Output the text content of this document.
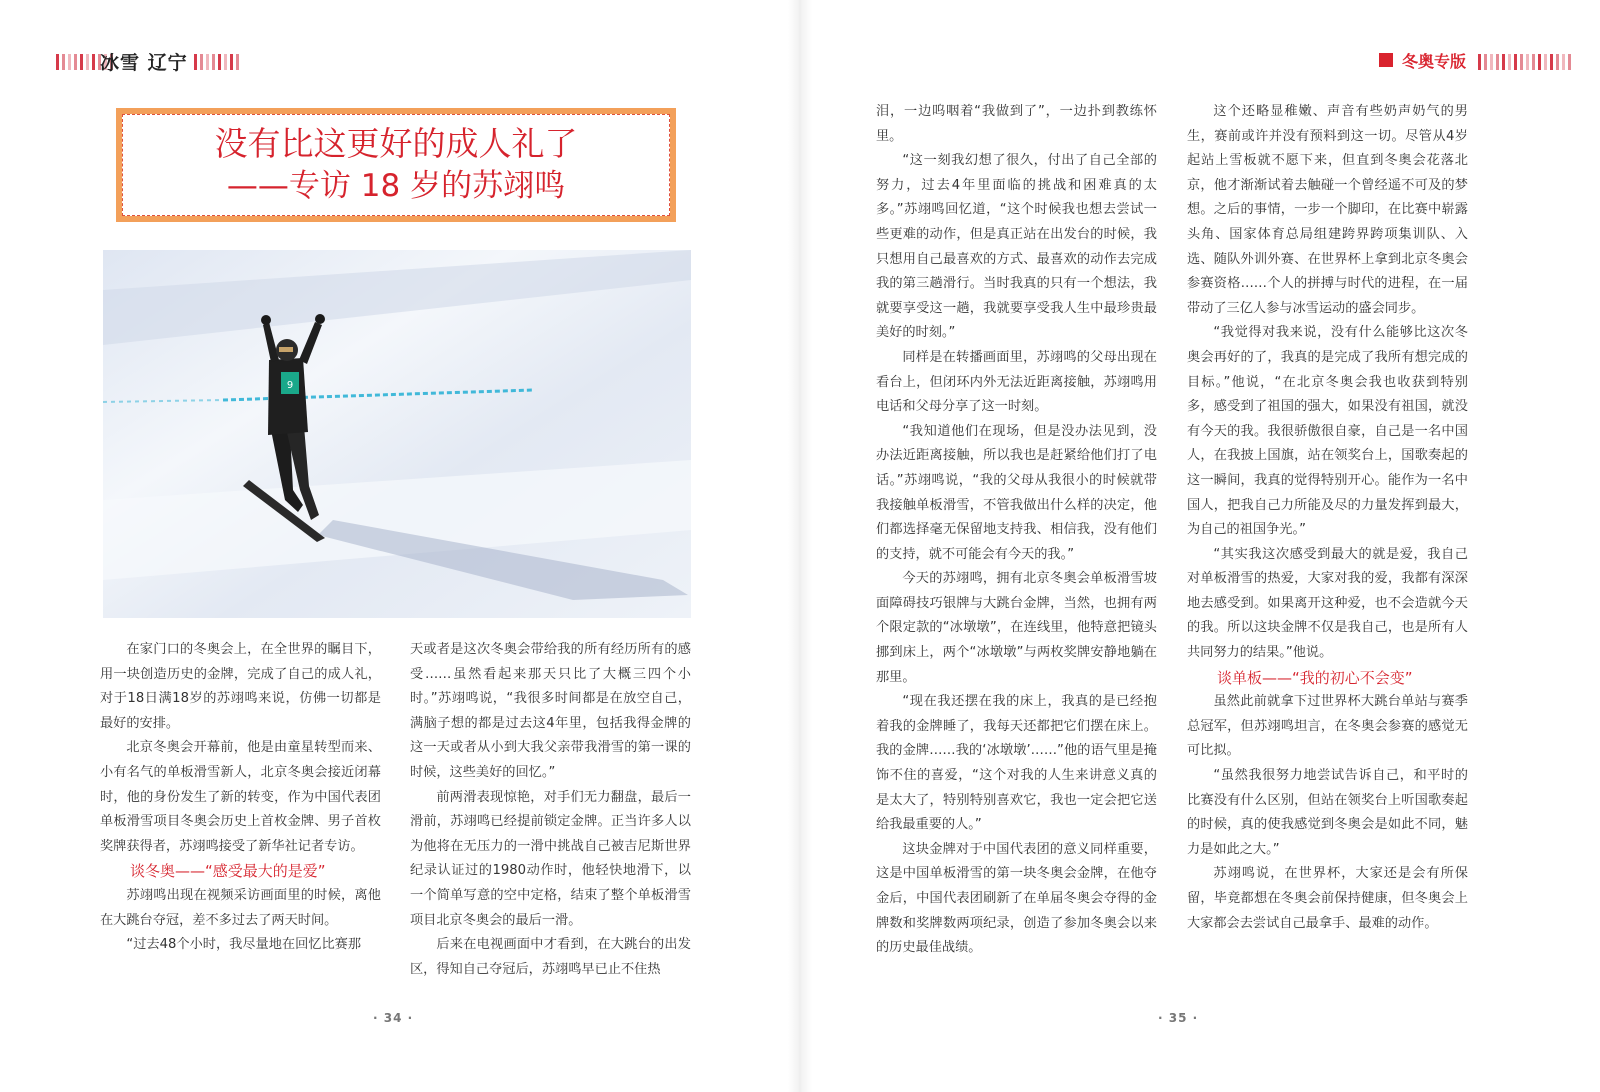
冰雪 辽宁
没有比这更好的成人礼了
——专访 18 岁的苏翊鸣
9

在家门口的冬奥会上，在全世界的瞩目下，用一块创造历史的金牌，完成了自己的成人礼，对于18日满18岁的苏翊鸣来说，仿佛一切都是最好的安排。

北京冬奥会开幕前，他是由童星转型而来、小有名气的单板滑雪新人，北京冬奥会接近闭幕时，他的身份发生了新的转变，作为中国代表团单板滑雪项目冬奥会历史上首枚金牌、男子首枚奖牌获得者，苏翊鸣接受了新华社记者专访。

谈冬奥——“感受最大的是爱”

苏翊鸣出现在视频采访画面里的时候，离他在大跳台夺冠，差不多过去了两天时间。

“过去48个小时，我尽量地在回忆比赛那

天或者是这次冬奥会带给我的所有经历所有的感受……虽然看起来那天只比了大概三四个小时。”苏翊鸣说，“我很多时间都是在放空自己，满脑子想的都是过去这4年里，包括我得金牌的这一天或者从小到大我父亲带我滑雪的第一课的时候，这些美好的回忆。”

前两滑表现惊艳，对手们无力翻盘，最后一滑前，苏翊鸣已经提前锁定金牌。正当许多人以为他将在无压力的一滑中挑战自己被吉尼斯世界纪录认证过的1980动作时，他轻快地滑下，以一个简单写意的空中定格，结束了整个单板滑雪项目北京冬奥会的最后一滑。

后来在电视画面中才看到，在大跳台的出发区，得知自己夺冠后，苏翊鸣早已止不住热

· 34 ·
冬奥专版

泪，一边呜咽着“我做到了”，一边扑到教练怀里。

“这一刻我幻想了很久，付出了自己全部的努力，过去4年里面临的挑战和困难真的太多。”苏翊鸣回忆道，“这个时候我也想去尝试一些更难的动作，但是真正站在出发台的时候，我只想用自己最喜欢的方式、最喜欢的动作去完成我的第三趟滑行。当时我真的只有一个想法，我就要享受这一趟，我就要享受我人生中最珍贵最美好的时刻。”

同样是在转播画面里，苏翊鸣的父母出现在看台上，但闭环内外无法近距离接触，苏翊鸣用电话和父母分享了这一时刻。

“我知道他们在现场，但是没办法见到，没办法近距离接触，所以我也是赶紧给他们打了电话。”苏翊鸣说，“我的父母从我很小的时候就带我接触单板滑雪，不管我做出什么样的决定，他们都选择毫无保留地支持我、相信我，没有他们的支持，就不可能会有今天的我。”

今天的苏翊鸣，拥有北京冬奥会单板滑雪坡面障碍技巧银牌与大跳台金牌，当然，也拥有两个限定款的“冰墩墩”，在连线里，他特意把镜头挪到床上，两个“冰墩墩”与两枚奖牌安静地躺在那里。

“现在我还摆在我的床上，我真的是已经抱着我的金牌睡了，我每天还都把它们摆在床上。我的金牌……我的‘冰墩墩’……”他的语气里是掩饰不住的喜爱，“这个对我的人生来讲意义真的是太大了，特别特别喜欢它，我也一定会把它送给我最重要的人。”

这块金牌对于中国代表团的意义同样重要，这是中国单板滑雪的第一块冬奥会金牌，在他夺金后，中国代表团刷新了在单届冬奥会夺得的金牌数和奖牌数两项纪录，创造了参加冬奥会以来的历史最佳战绩。

这个还略显稚嫩、声音有些奶声奶气的男生，赛前或许并没有预料到这一切。尽管从4岁起站上雪板就不愿下来，但直到冬奥会花落北京，他才渐渐试着去触碰一个曾经遥不可及的梦想。之后的事情，一步一个脚印，在比赛中崭露头角、国家体育总局组建跨界跨项集训队、入选、随队外训外赛、在世界杯上拿到北京冬奥会参赛资格……个人的拼搏与时代的进程，在一届带动了三亿人参与冰雪运动的盛会同步。

“我觉得对我来说，没有什么能够比这次冬奥会再好的了，我真的是完成了我所有想完成的目标。”他说，“在北京冬奥会我也收获到特别多，感受到了祖国的强大，如果没有祖国，就没有今天的我。我很骄傲很自豪，自己是一名中国人，在我披上国旗，站在领奖台上，国歌奏起的这一瞬间，我真的觉得特别开心。能作为一名中国人，把我自己力所能及尽的力量发挥到最大，为自己的祖国争光。”

“其实我这次感受到最大的就是爱，我自己对单板滑雪的热爱，大家对我的爱，我都有深深地去感受到。如果离开这种爱，也不会造就今天的我。所以这块金牌不仅是我自己，也是所有人共同努力的结果。”他说。

谈单板——“我的初心不会变”

虽然此前就拿下过世界杯大跳台单站与赛季总冠军，但苏翊鸣坦言，在冬奥会参赛的感觉无可比拟。

“虽然我很努力地尝试告诉自己，和平时的比赛没有什么区别，但站在领奖台上听国歌奏起的时候，真的使我感觉到冬奥会是如此不同，魅力是如此之大。”

苏翊鸣说，在世界杯，大家还是会有所保留，毕竟都想在冬奥会前保持健康，但冬奥会上大家都会去尝试自己最拿手、最难的动作。

· 35 ·
